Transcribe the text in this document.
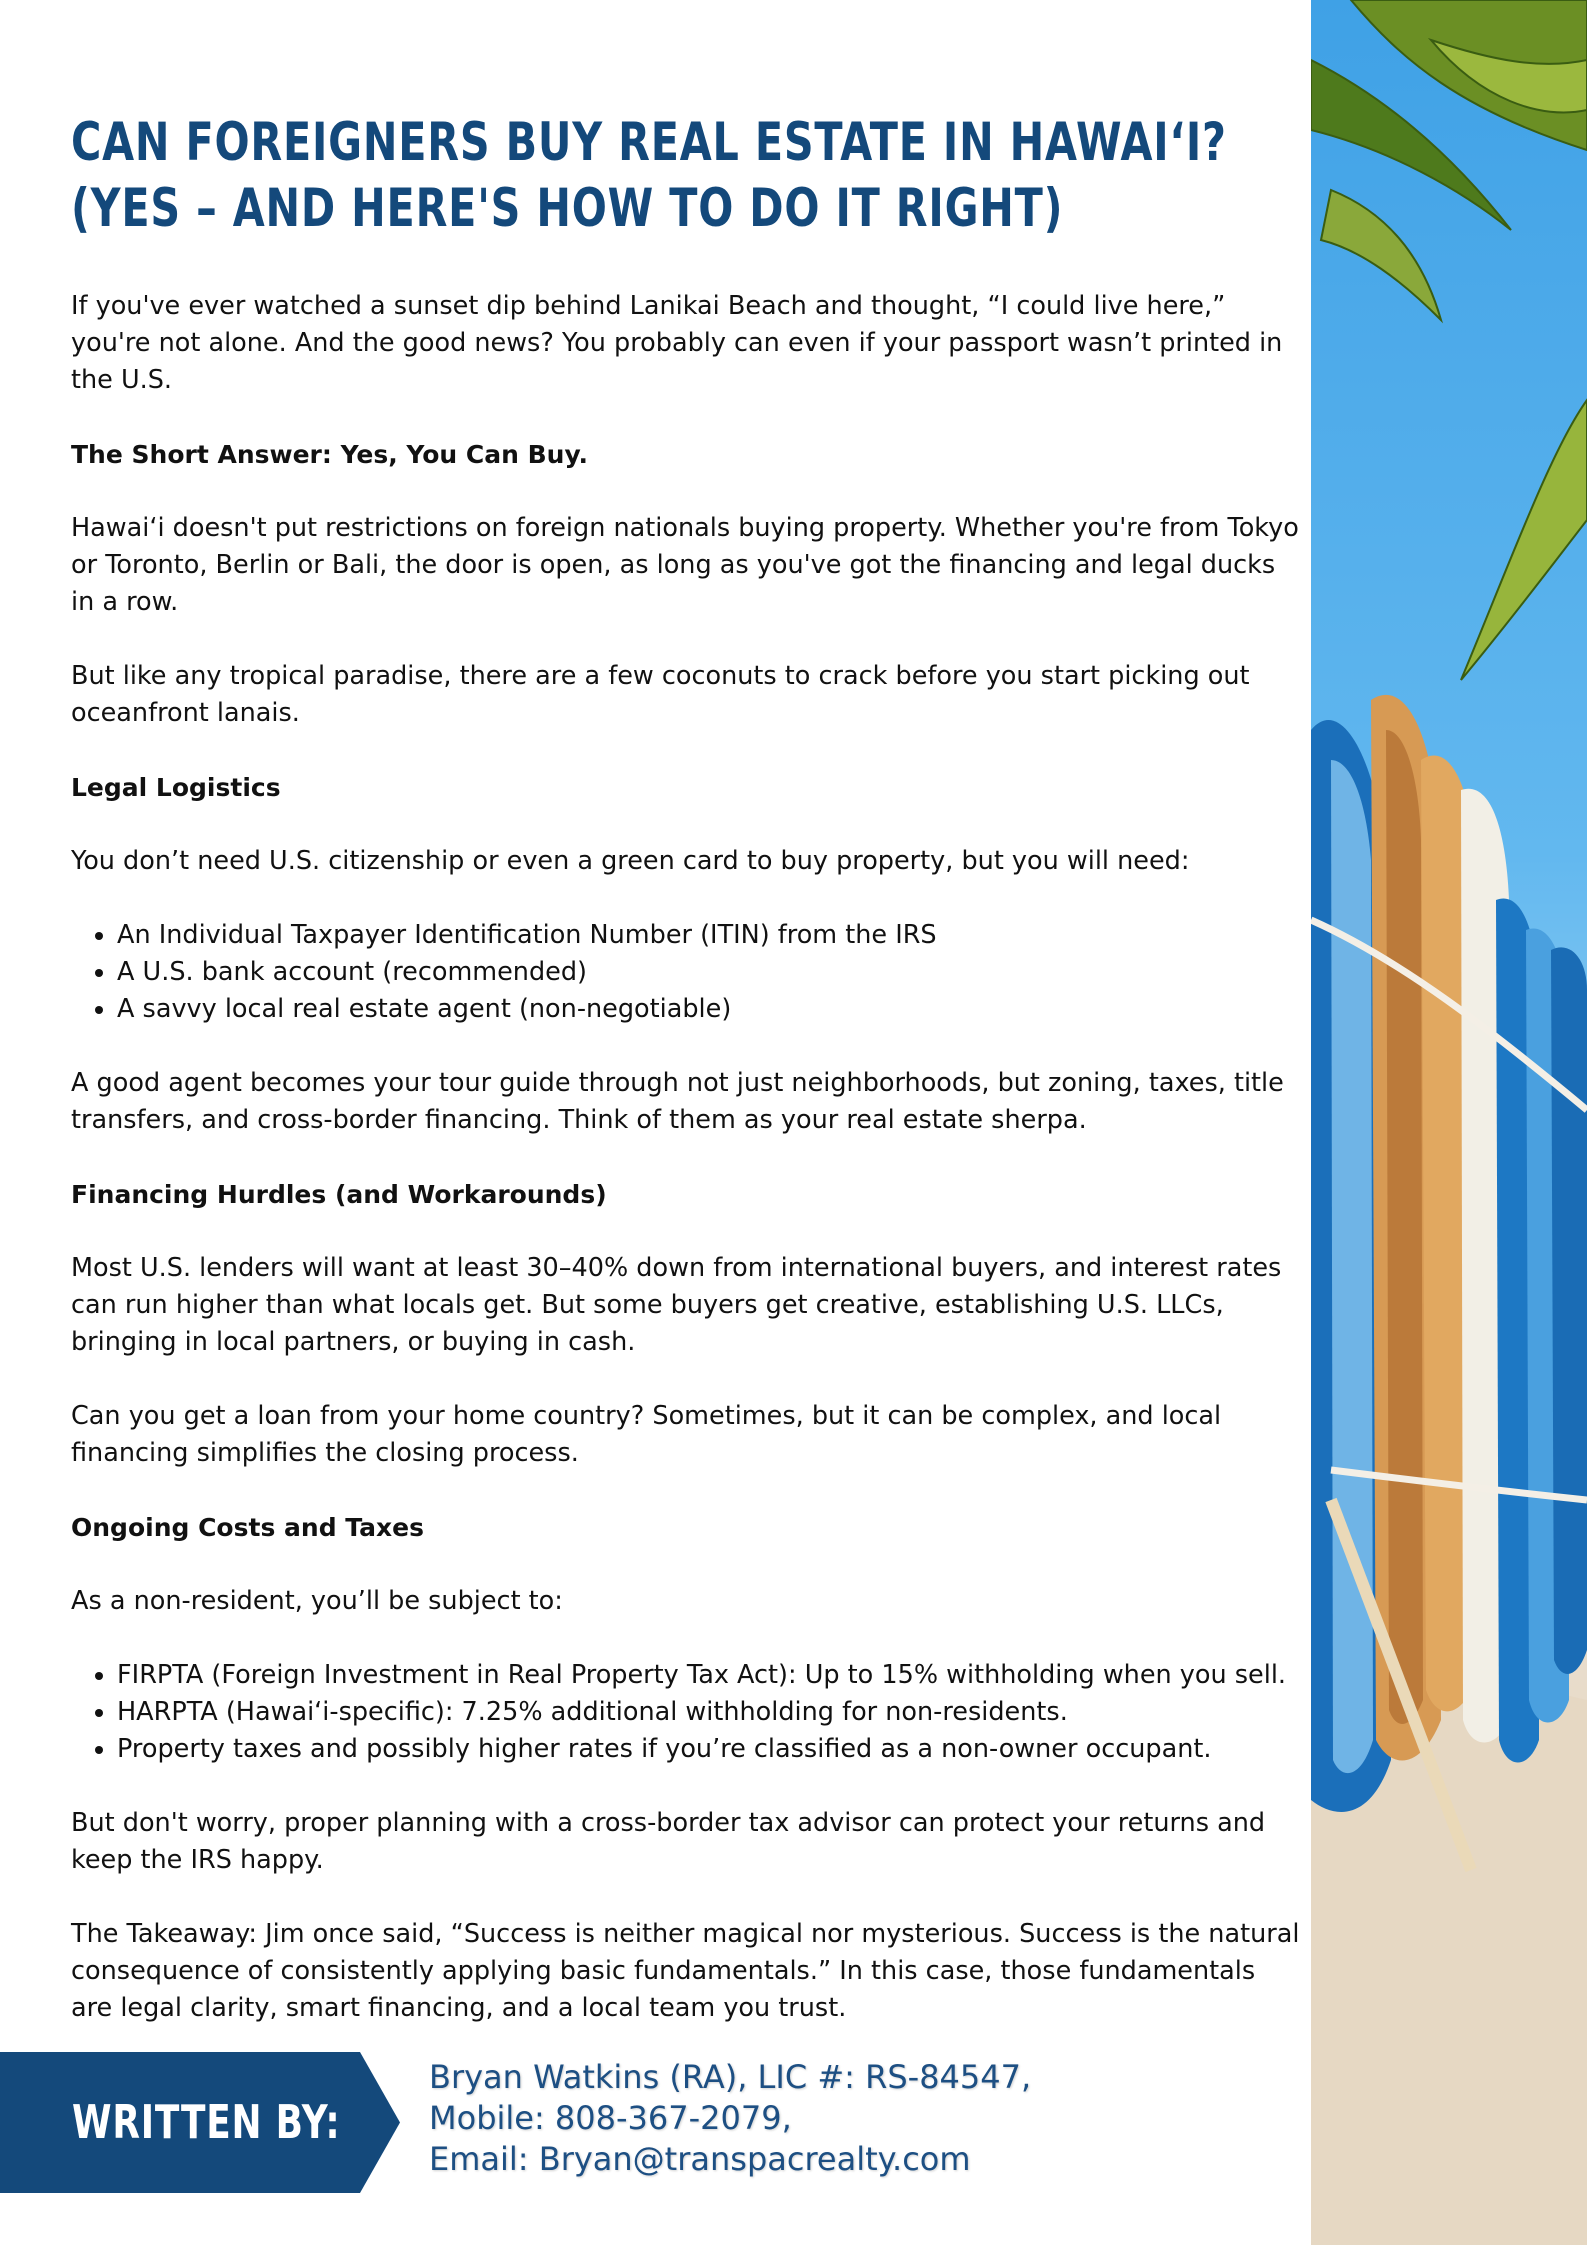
CAN FOREIGNERS BUY REAL ESTATE IN HAWAI‘I?
(YES – AND HERE'S HOW TO DO IT RIGHT)

If you've ever watched a sunset dip behind Lanikai Beach and thought, “I could live here,” you're not alone. And the good news? You probably can even if your passport wasn’t printed in the U.S.

The Short Answer: Yes, You Can Buy.

Hawai‘i doesn't put restrictions on foreign nationals buying property. Whether you're from Tokyo or Toronto, Berlin or Bali, the door is open, as long as you've got the financing and legal ducks in a row.

But like any tropical paradise, there are a few coconuts to crack before you start picking out oceanfront lanais.

Legal Logistics

You don’t need U.S. citizenship or even a green card to buy property, but you will need:

• An Individual Taxpayer Identification Number (ITIN) from the IRS
• A U.S. bank account (recommended)
• A savvy local real estate agent (non-negotiable)

A good agent becomes your tour guide through not just neighborhoods, but zoning, taxes, title transfers, and cross-border financing. Think of them as your real estate sherpa.

Financing Hurdles (and Workarounds)

Most U.S. lenders will want at least 30–40% down from international buyers, and interest rates can run higher than what locals get. But some buyers get creative, establishing U.S. LLCs, bringing in local partners, or buying in cash.

Can you get a loan from your home country? Sometimes, but it can be complex, and local financing simplifies the closing process.

Ongoing Costs and Taxes

As a non-resident, you’ll be subject to:

• FIRPTA (Foreign Investment in Real Property Tax Act): Up to 15% withholding when you sell.
• HARPTA (Hawai‘i-specific): 7.25% additional withholding for non-residents.
• Property taxes and possibly higher rates if you’re classified as a non-owner occupant.

But don't worry, proper planning with a cross-border tax advisor can protect your returns and keep the IRS happy.

The Takeaway: Jim once said, “Success is neither magical nor mysterious. Success is the natural consequence of consistently applying basic fundamentals.” In this case, those fundamentals are legal clarity, smart financing, and a local team you trust.

WRITTEN BY:
Bryan Watkins (RA), LIC #: RS-84547,
Mobile: 808-367-2079,
Email: Bryan@transpacrealty.com
